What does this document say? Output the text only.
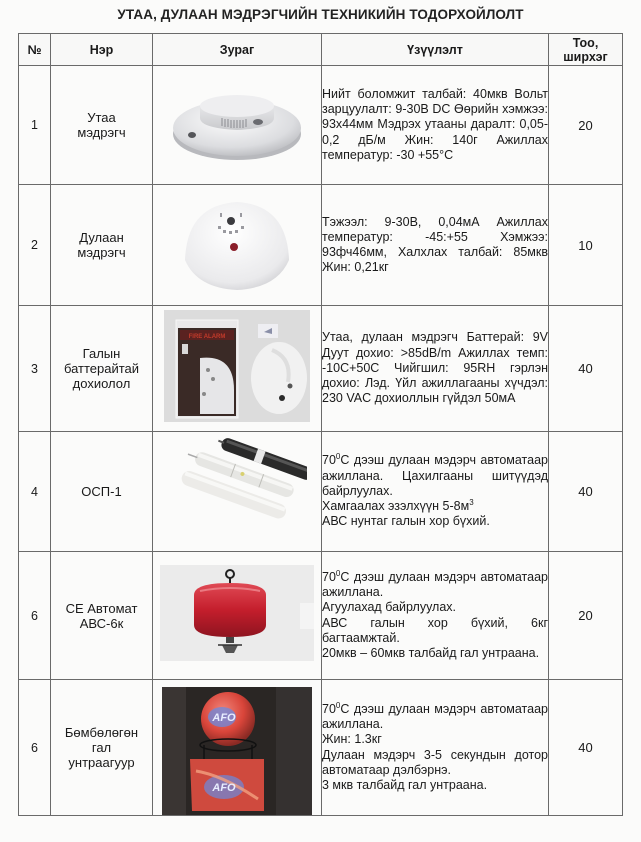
УТАА, ДУЛААН МЭДРЭГЧИЙН ТЕХНИКИЙН ТОДОРХОЙЛОЛТ
№	Нэр	Зураг	Үзүүлэлт	Тоо,
ширхэг

1	Утаа
мэдрэгч		Нийт боломжит талбай: 40мкв Вольт зарцуулалт: 9-30В DC Өөрийн хэмжээ: 93х44мм Мэдрэх утааны даралт: 0,05-0,2 дБ/м Жин: 140г Ажиллах температур: -30 +55°С	20
2	Дулаан
мэдрэгч		Тэжээл: 9-30В, 0,04мА Ажиллах температур: -45:+55 Хэмжээ: 93фч46мм, Халхлах талбай: 85мкв Жин: 0,21кг	10
3	Галын
баттерайтай
дохиолол	FIRE ALARM	Утаа, дулаан мэдрэгч Баттерай: 9V Дуут дохио: >85dB/m Ажиллах темп: -10С+50С Чийгшил: 95RH гэрлэн дохио: Лэд. Үйл ажиллагааны хүчдэл: 230 VAC дохиоллын гүйдэл 50мА	40
4	ОСП-1		$70^0С$ дээш дулаан мэдэрч автоматаар ажиллана. Цахилгааны шитүүдэд байрлуулах.
Хамгаалах эзэлхүүн $5-8м^3$
АВС нунтаг галын хор бүхий.	40
6	СЕ Автомат
АВС-6к		$70^0С$ дээш дулаан мэдэрч автоматаар ажиллана.
Агуулахад байрлуулах.
АВС галын хор бүхий, 6кг багтаамжтай.
20мкв – 60мкв талбайд гал унтраана.	20
6	Бөмбөлөгөн
гал
унтраагуур	AFO
AFO	$70^0С$ дээш дулаан мэдэрч автоматаар ажиллана.
Жин: 1.3кг
Дулаан мэдэрч 3-5 секундын дотор автоматаар дэлбэрнэ.
3 мкв талбайд гал унтраана.	40
